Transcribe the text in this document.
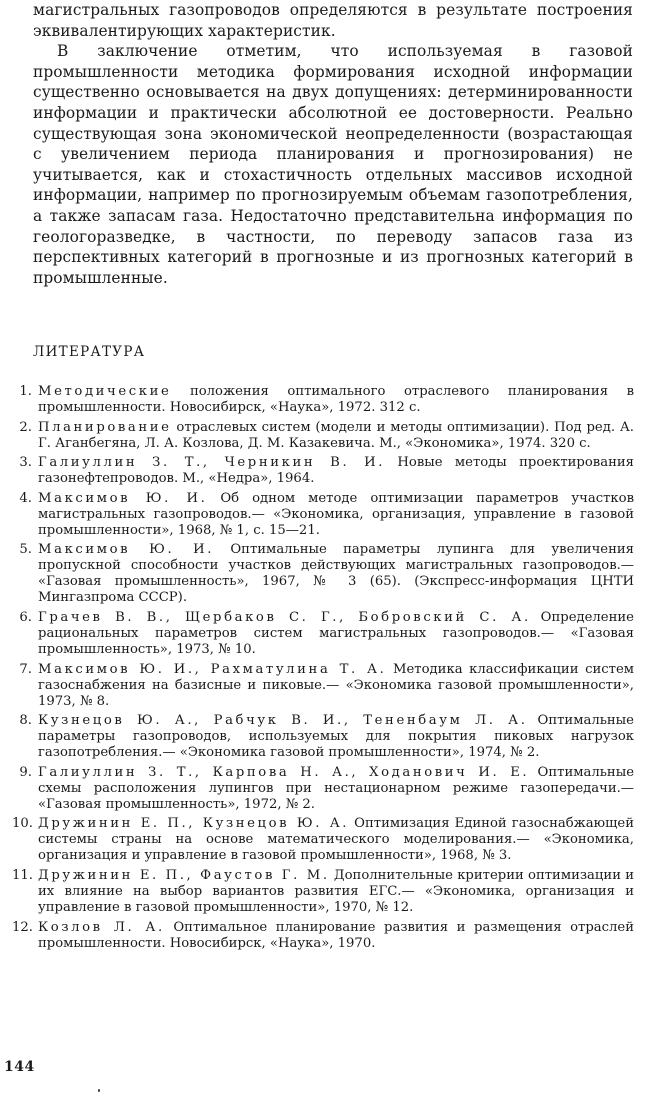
магистральных газопроводов определяются в результате построения эквивалентирующих характеристик.

В заключение отметим, что используемая в газовой промышленности методика формирования исходной информации существенно основывается на двух допущениях: детерминированности информации и практически абсолютной ее достоверности. Реально существующая зона экономической неопределенности (возрастающая с увеличением периода планирования и прогнозирования) не учитывается, как и стохастичность отдельных массивов исходной информации, например по прогнозируемым объемам газопотребления, а также запасам газа. Недостаточно представительна информация по геологоразведке, в частности, по переводу запасов газа из перспективных категорий в прогнозные и из прогнозных категорий в промышленные.

ЛИТЕРАТУРА
1. Методические положения оптимального отраслевого планирования в промышленности. Новосибирск, «Наука», 1972. 312 с.
2. Планирование отраслевых систем (модели и методы оптимизации). Под ред. А. Г. Аганбегяна, Л. А. Козлова, Д. М. Казакевича. М., «Экономика», 1974. 320 с.
3. Галиуллин З. Т., Черникин В. И. Новые методы проектирования газонефтепроводов. М., «Недра», 1964.
4. Максимов Ю. И. Об одном методе оптимизации параметров участков магистральных газопроводов.— «Экономика, организация, управление в газовой промышленности», 1968, № 1, с. 15—21.
5. Максимов Ю. И. Оптимальные параметры лупинга для увеличения пропускной способности участков действующих магистральных газопроводов.— «Газовая промышленность», 1967, № 3 (65). (Экспресс-информация ЦНТИ Мингазпрома СССР).
6. Грачев В. В., Щербаков С. Г., Бобровский С. А. Определение рациональных параметров систем магистральных газопроводов.— «Газовая промышленность», 1973, № 10.
7. Максимов Ю. И., Рахматулина Т. А. Методика классификации систем газоснабжения на базисные и пиковые.— «Экономика газовой промышленности», 1973, № 8.
8. Кузнецов Ю. А., Рабчук В. И., Тененбаум Л. А. Оптимальные параметры газопроводов, используемых для покрытия пиковых нагрузок газопотребления.— «Экономика газовой промышленности», 1974, № 2.
9. Галиуллин З. Т., Карпова Н. А., Ходанович И. Е. Оптимальные схемы расположения лупингов при нестационарном режиме газопередачи.— «Газовая промышленность», 1972, № 2.
10. Дружинин Е. П., Кузнецов Ю. А. Оптимизация Единой газоснабжающей системы страны на основе математического моделирования.— «Экономика, организация и управление в газовой промышленности», 1968, № 3.
11. Дружинин Е. П., Фаустов Г. М. Дополнительные критерии оптимизации и их влияние на выбор вариантов развития ЕГС.— «Экономика, организация и управление в газовой промышленности», 1970, № 12.
12. Козлов Л. А. Оптимальное планирование развития и размещения отраслей промышленности. Новосибирск, «Наука», 1970.
144
